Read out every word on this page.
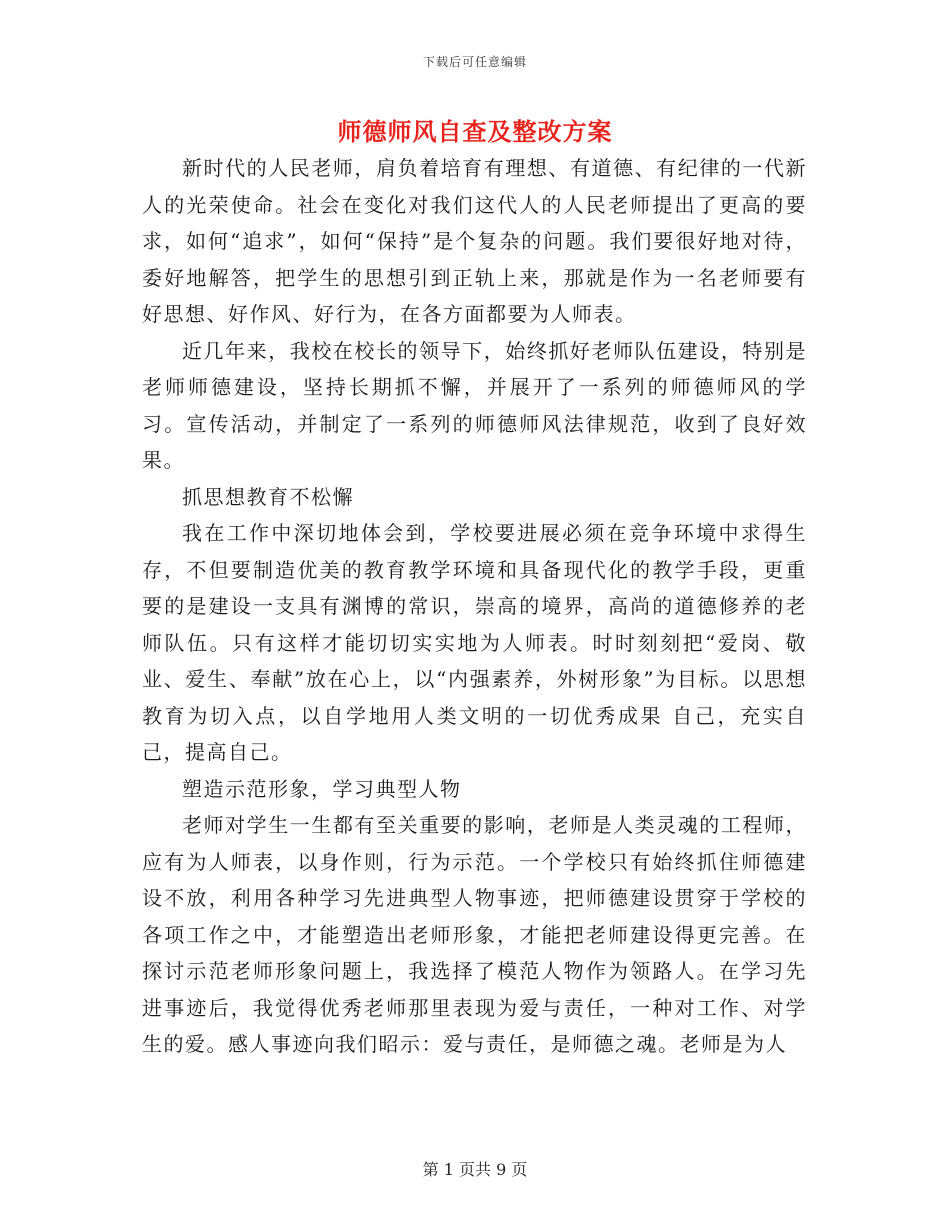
下载后可任意编辑
师德师风自查及整改方案

新时代的人民老师，肩负着培育有理想、有道德、有纪律的一代新人的光荣使命。社会在变化对我们这代人的人民老师提出了更高的要求，如何“追求”，如何“保持”是个复杂的问题。我们要很好地对待，委好地解答，把学生的思想引到正轨上来，那就是作为一名老师要有好思想、好作风、好行为，在各方面都要为人师表。

近几年来，我校在校长的领导下，始终抓好老师队伍建设，特别是老师师德建设，坚持长期抓不懈，并展开了一系列的师德师风的学习。宣传活动，并制定了一系列的师德师风法律规范，收到了良好效果。

抓思想教育不松懈

我在工作中深切地体会到，学校要进展必须在竞争环境中求得生存，不但要制造优美的教育教学环境和具备现代化的教学手段，更重要的是建设一支具有渊博的常识，崇高的境界，高尚的道德修养的老师队伍。只有这样才能切切实实地为人师表。时时刻刻把“爱岗、敬业、爱生、奉献”放在心上，以“内强素养，外树形象”为目标。以思想教育为切入点，以自学地用人类文明的一切优秀成果 自己，充实自己，提高自己。

塑造示范形象，学习典型人物

老师对学生一生都有至关重要的影响，老师是人类灵魂的工程师，应有为人师表，以身作则，行为示范。一个学校只有始终抓住师德建设不放，利用各种学习先进典型人物事迹，把师德建设贯穿于学校的各项工作之中，才能塑造出老师形象，才能把老师建设得更完善。在探讨示范老师形象问题上，我选择了模范人物作为领路人。在学习先进事迹后，我觉得优秀老师那里表现为爱与责任，一种对工作、对学生的爱。感人事迹向我们昭示：爱与责任，是师德之魂。老师是为人

第 1 页共 9 页
